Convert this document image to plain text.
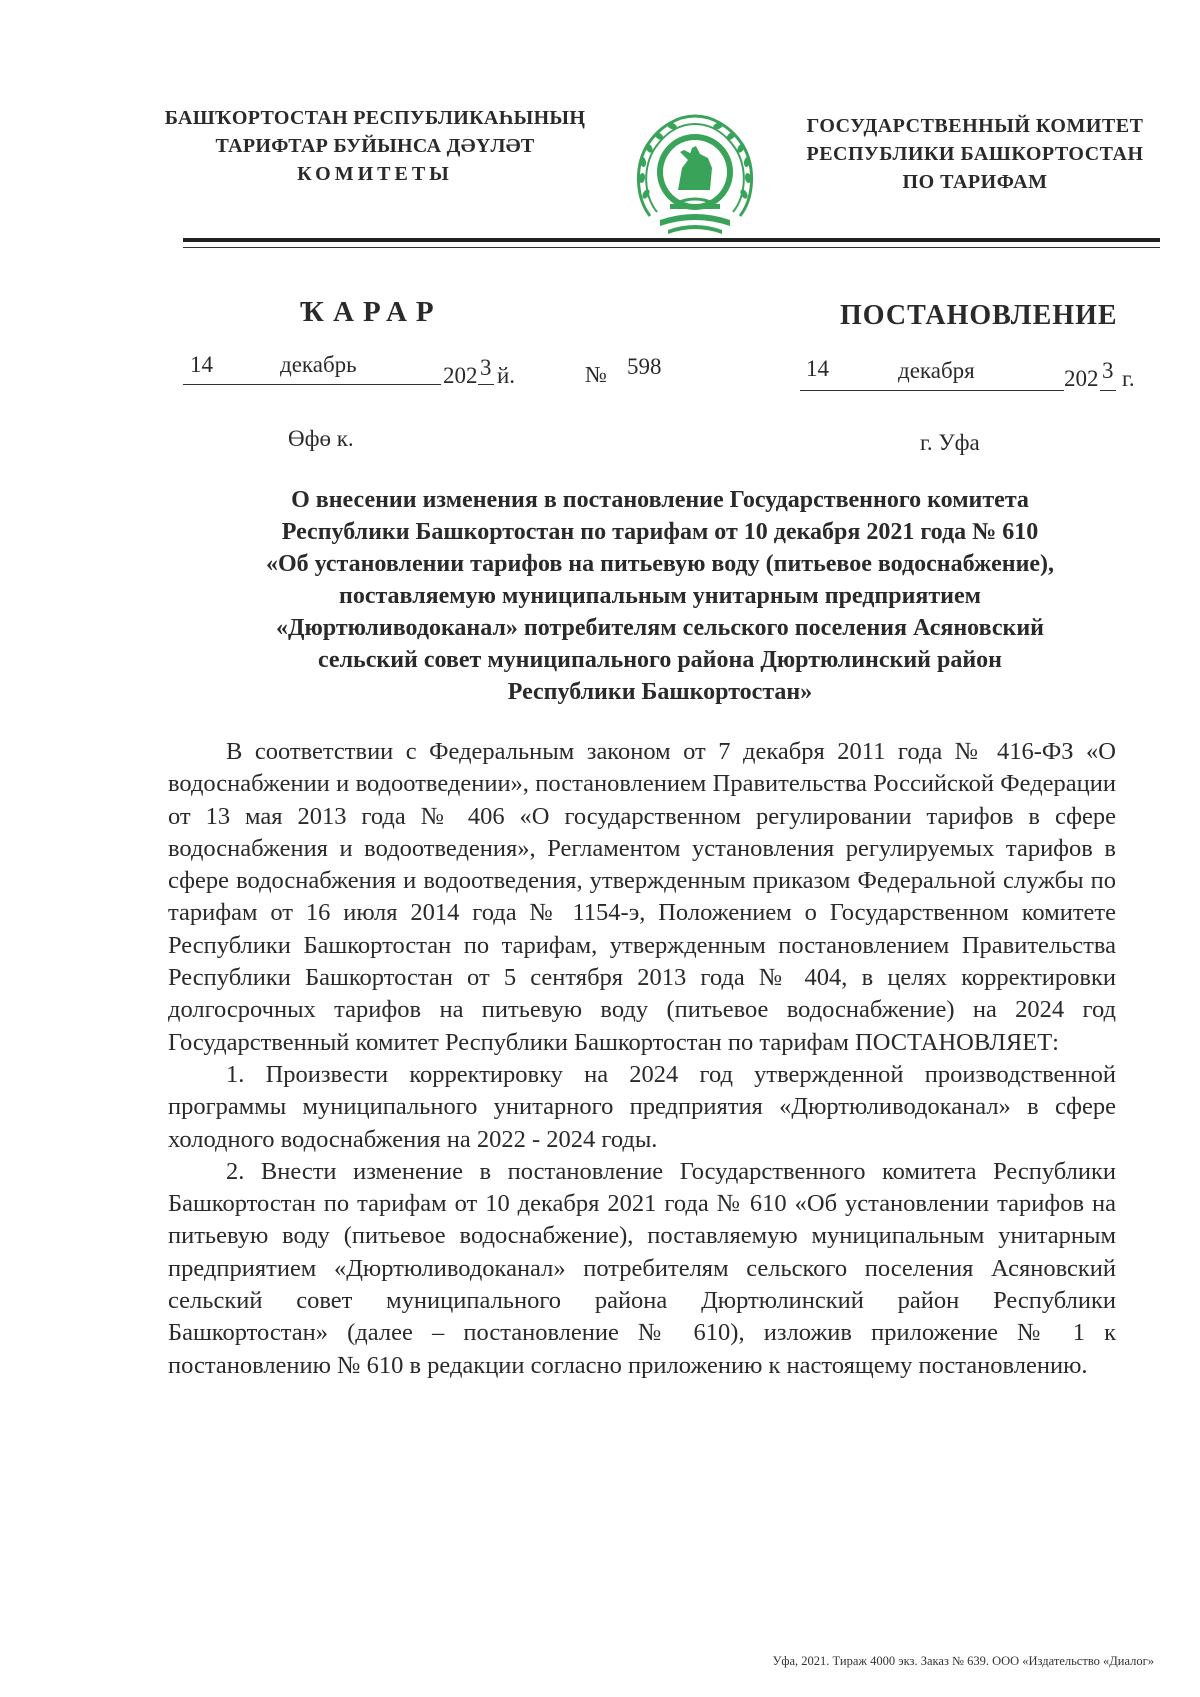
БАШҠОРТОСТАН РЕСПУБЛИКАҺЫНЫҢ
ТАРИФТАР БУЙЫНСА ДӘҮЛӘТ
КОМИТЕТЫ
ГОСУДАРСТВЕННЫЙ КОМИТЕТ
РЕСПУБЛИКИ БАШКОРТОСТАН
ПО ТАРИФАМ
ҠАРАР	ПОСТАНОВЛЕНИЕ
14	декабрь	202 3 й.	№ 598	14	декабря	202 3 г.
Өфө к.	г. Уфа
О внесении изменения в постановление Государственного комитета
Республики Башкортостан по тарифам от 10 декабря 2021 года № 610
«Об установлении тарифов на питьевую воду (питьевое водоснабжение),
поставляемую муниципальным унитарным предприятием
«Дюртюливодоканал» потребителям сельского поселения Асяновский
сельский совет муниципального района Дюртюлинский район
Республики Башкортостан»

В соответствии с Федеральным законом от 7 декабря 2011 года № 416-ФЗ «О водоснабжении и водоотведении», постановлением Правительства Российской Федерации от 13 мая 2013 года № 406 «О государственном регулировании тарифов в сфере водоснабжения и водоотведения», Регламентом установления регулируемых тарифов в сфере водоснабжения и водоотведения, утвержденным приказом Федеральной службы по тарифам от 16 июля 2014 года № 1154-э, Положением о Государственном комитете Республики Башкортостан по тарифам, утвержденным постановлением Правительства Республики Башкортостан от 5 сентября 2013 года № 404, в целях корректировки долгосрочных тарифов на питьевую воду (питьевое водоснабжение) на 2024 год Государственный комитет Республики Башкортостан по тарифам ПОСТАНОВЛЯЕТ:

1. Произвести корректировку на 2024 год утвержденной производственной программы муниципального унитарного предприятия «Дюртюливодоканал» в сфере холодного водоснабжения на 2022 - 2024 годы.

2. Внести изменение в постановление Государственного комитета Республики Башкортостан по тарифам от 10 декабря 2021 года № 610 «Об установлении тарифов на питьевую воду (питьевое водоснабжение), поставляемую муниципальным унитарным предприятием «Дюртюливодоканал» потребителям сельского поселения Асяновский сельский совет муниципального района Дюртюлинский район Республики Башкортостан» (далее – постановление № 610), изложив приложение № 1 к постановлению № 610 в редакции согласно приложению к настоящему постановлению.

Уфа, 2021. Тираж 4000 экз. Заказ № 639. ООО «Издательство «Диалог»
